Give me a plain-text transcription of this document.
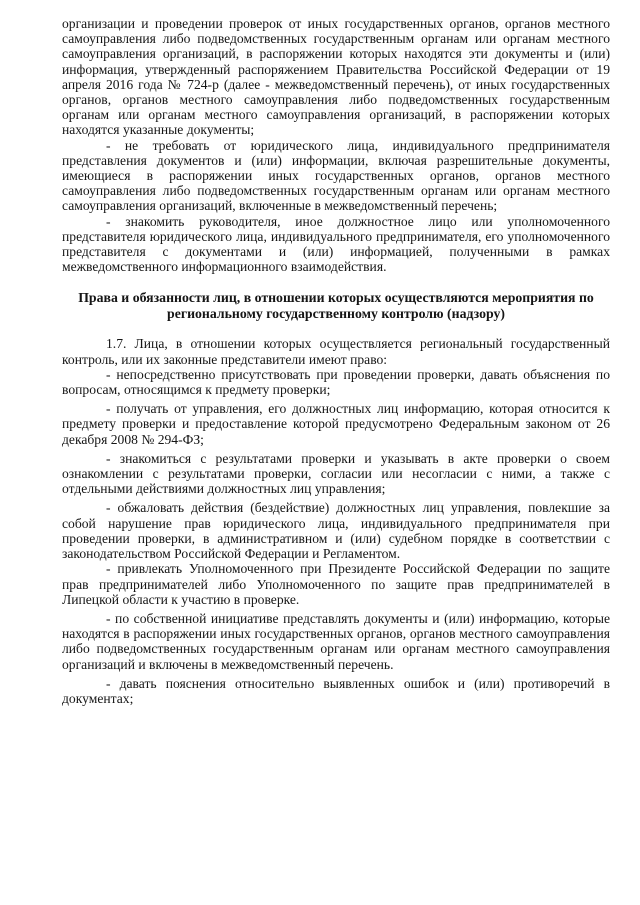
организации и проведении проверок от иных государственных органов, органов местного самоуправления либо подведомственных государственным органам или органам местного самоуправления организаций, в распоряжении которых находятся эти документы и (или) информация, утвержденный распоряжением Правительства Российской Федерации от 19 апреля 2016 года № 724-р (далее - межведомственный перечень), от иных государственных органов, органов местного самоуправления либо подведомственных государственным органам или органам местного самоуправления организаций, в распоряжении которых находятся указанные документы;

- не требовать от юридического лица, индивидуального предпринимателя представления документов и (или) информации, включая разрешительные документы, имеющиеся в распоряжении иных государственных органов, органов местного самоуправления либо подведомственных государственным органам или органам местного самоуправления организаций, включенные в межведомственный перечень;

- знакомить руководителя, иное должностное лицо или уполномоченного представителя юридического лица, индивидуального предпринимателя, его уполномоченного представителя с документами и (или) информацией, полученными в рамках межведомственного информационного взаимодействия.

Права и обязанности лиц, в отношении которых осуществляются мероприятия по региональному государственному контролю (надзору)

1.7. Лица, в отношении которых осуществляется региональный государственный контроль, или их законные представители имеют право:

- непосредственно присутствовать при проведении проверки, давать объяснения по вопросам, относящимся к предмету проверки;

- получать от управления, его должностных лиц информацию, которая относится к предмету проверки и предоставление которой предусмотрено Федеральным законом от 26 декабря 2008 № 294-ФЗ;

- знакомиться с результатами проверки и указывать в акте проверки о своем ознакомлении с результатами проверки, согласии или несогласии с ними, а также с отдельными действиями должностных лиц управления;

- обжаловать действия (бездействие) должностных лиц управления, повлекшие за собой нарушение прав юридического лица, индивидуального предпринимателя при проведении проверки, в административном и (или) судебном порядке в соответствии с законодательством Российской Федерации и Регламентом.

- привлекать Уполномоченного при Президенте Российской Федерации по защите прав предпринимателей либо Уполномоченного по защите прав предпринимателей в Липецкой области к участию в проверке.

- по собственной инициативе представлять документы и (или) информацию, которые находятся в распоряжении иных государственных органов, органов местного самоуправления либо подведомственных государственным органам или органам местного самоуправления организаций и включены в межведомственный перечень.

- давать пояснения относительно выявленных ошибок и (или) противоречий в документах;
